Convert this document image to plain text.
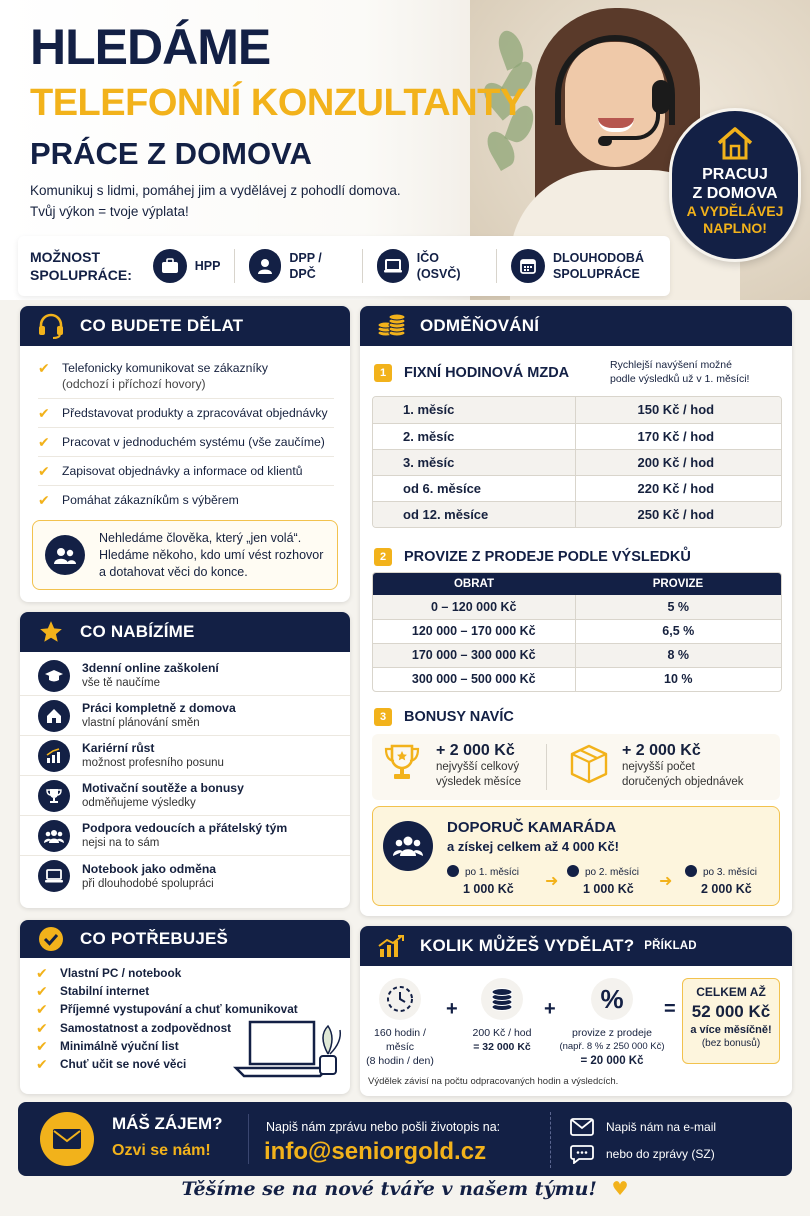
HLEDÁME
TELEFONNÍ KONZULTANTY
PRÁCE Z DOMOVA
Komunikuj s lidmi, pomáhej jim a vydělávej z pohodlí domova.
Tvůj výkon = tvoje výplata!
PRACUJ
Z DOMOVA
A VYDĚLÁVEJ
NAPLNO!
MOŽNOST
SPOLUPRÁCE:
HPP
DPP / DPČ
IČO (OSVČ)
DLOUHODOBÁ
SPOLUPRÁCE
CO BUDETE DĚLAT
✔	Telefonicky komunikovat se zákazníky
(odchozí i příchozí hovory)
✔	Představovat produkty a zpracovávat objednávky
✔	Pracovat v jednoduchém systému (vše zaučíme)
✔	Zapisovat objednávky a informace od klientů
✔	Pomáhat zákazníkům s výběrem
Nehledáme člověka, který „jen volá“.
Hledáme někoho, kdo umí vést rozhovor
a dotahovat věci do konce.
CO NABÍZÍME
3denní online zaškolení
vše tě naučíme
Práci kompletně z domova
vlastní plánování směn
Kariérní růst
možnost profesního posunu
Motivační soutěže a bonusy
odměňujeme výsledky
Podpora vedoucích a přátelský tým
nejsi na to sám
Notebook jako odměna
při dlouhodobé spolupráci
CO POTŘEBUJEŠ
✔	Vlastní PC / notebook
✔	Stabilní internet
✔	Příjemné vystupování a chuť komunikovat
✔	Samostatnost a zodpovědnost
✔	Minimálně výuční list
✔	Chuť učit se nové věci
ODMĚŇOVÁNÍ
1	FIXNÍ HODINOVÁ MZDA	Rychlejší navýšení možné
podle výsledků už v 1. měsíci!
1. měsíc	150 Kč / hod
2. měsíc	170 Kč / hod
3. měsíc	200 Kč / hod
od 6. měsíce	220 Kč / hod
od 12. měsíce	250 Kč / hod
2	PROVIZE Z PRODEJE PODLE VÝSLEDKŮ
OBRAT	PROVIZE
0 – 120 000 Kč	5 %
120 000 – 170 000 Kč	6,5 %
170 000 – 300 000 Kč	8 %
300 000 – 500 000 Kč	10 %
3	BONUSY NAVÍC
+ 2 000 Kč
nejvyšší celkový
výsledek měsíce
+ 2 000 Kč
nejvyšší počet
doručených objednávek
DOPORUČ KAMARÁDA
a získej celkem až 4 000 Kč!
po 1. měsíci
1 000 Kč	➜
po 2. měsíci
1 000 Kč	➜
po 3. měsíci
2 000 Kč
KOLIK MŮŽEŠ VYDĚLAT? PŘÍKLAD
160 hodin / měsíc
(8 hodin / den)
+
200 Kč / hod
= 32 000 Kč
+	%
provize z prodeje
(např. 8 % z 250 000 Kč)
= 20 000 Kč
=
CELKEM AŽ
52 000 Kč
a více měsíčně!
(bez bonusů)
Výdělek závisí na počtu odpracovaných hodin a výsledcích.
MÁŠ ZÁJEM?
Ozvi se nám!
Napiš nám zprávu nebo pošli životopis na:
info@seniorgold.cz
Napiš nám na e-mail
nebo do zprávy (SZ)
Těšíme se na nové tváře v našem týmu! ♥
